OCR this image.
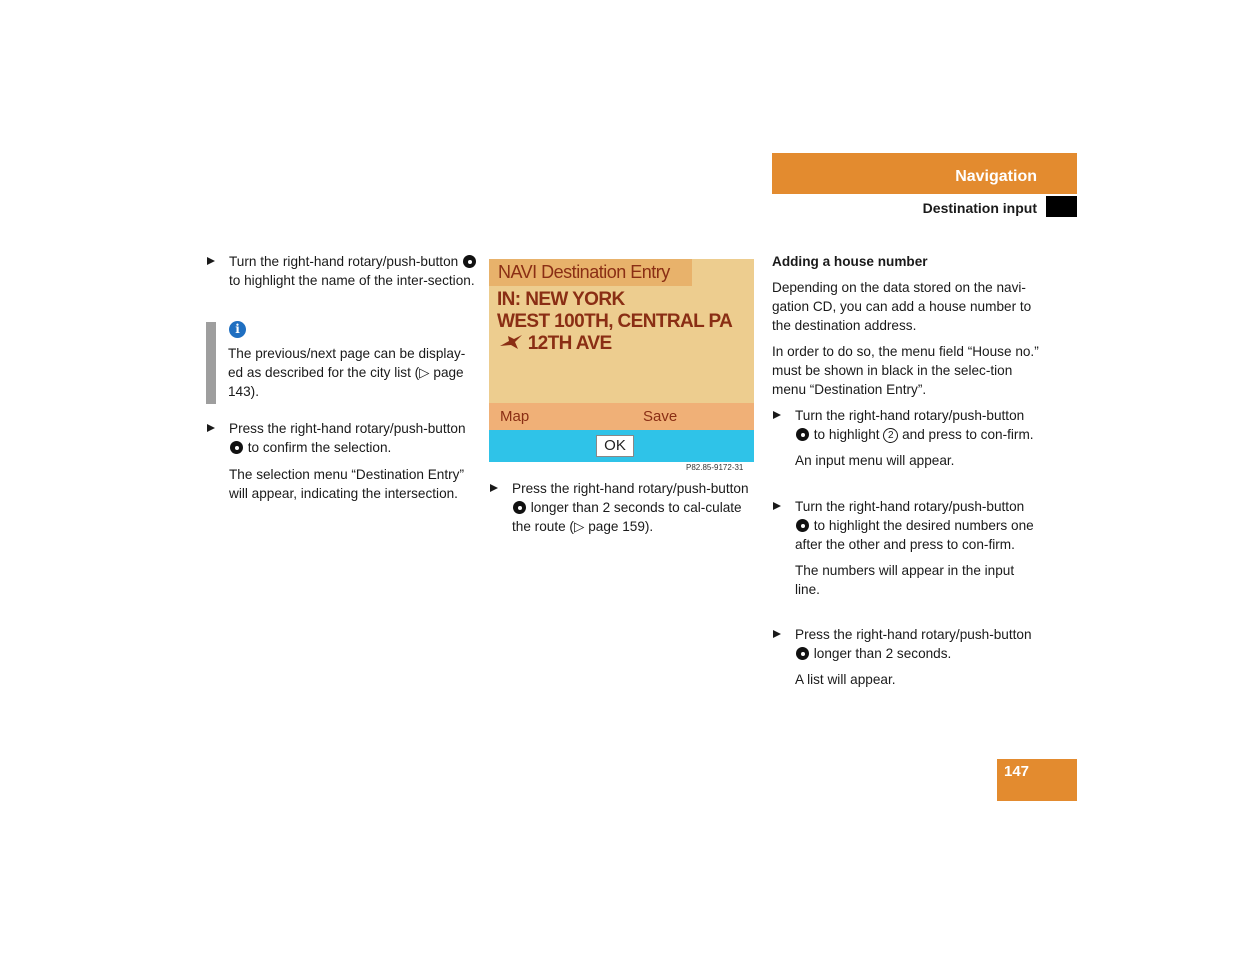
Navigation
Destination input

Turn the right-hand rotary/push-button  to highlight the name of the inter-section.

i

The previous/next page can be display-ed as described for the city list (▷ page 143).

Press the right-hand rotary/push-button  to confirm the selection.

The selection menu “Destination Entry” will appear, indicating the intersection.

NAVI Destination Entry
IN: NEW YORK
WEST 100TH, CENTRAL PA
12TH AVE
Map	Save
OK
P82.85-9172-31

Press the right-hand rotary/push-button  longer than 2 seconds to cal-culate the route (▷ page 159).

Adding a house number

Depending on the data stored on the navi-gation CD, you can add a house number to the destination address.

In order to do so, the menu field “House no.” must be shown in black in the selec-tion menu “Destination Entry”.

Turn the right-hand rotary/push-button  to highlight 2 and press to con-firm.

An input menu will appear.

Turn the right-hand rotary/push-button  to highlight the desired numbers one after the other and press to con-firm.

The numbers will appear in the input line.

Press the right-hand rotary/push-button  longer than 2 seconds.

A list will appear.

147
